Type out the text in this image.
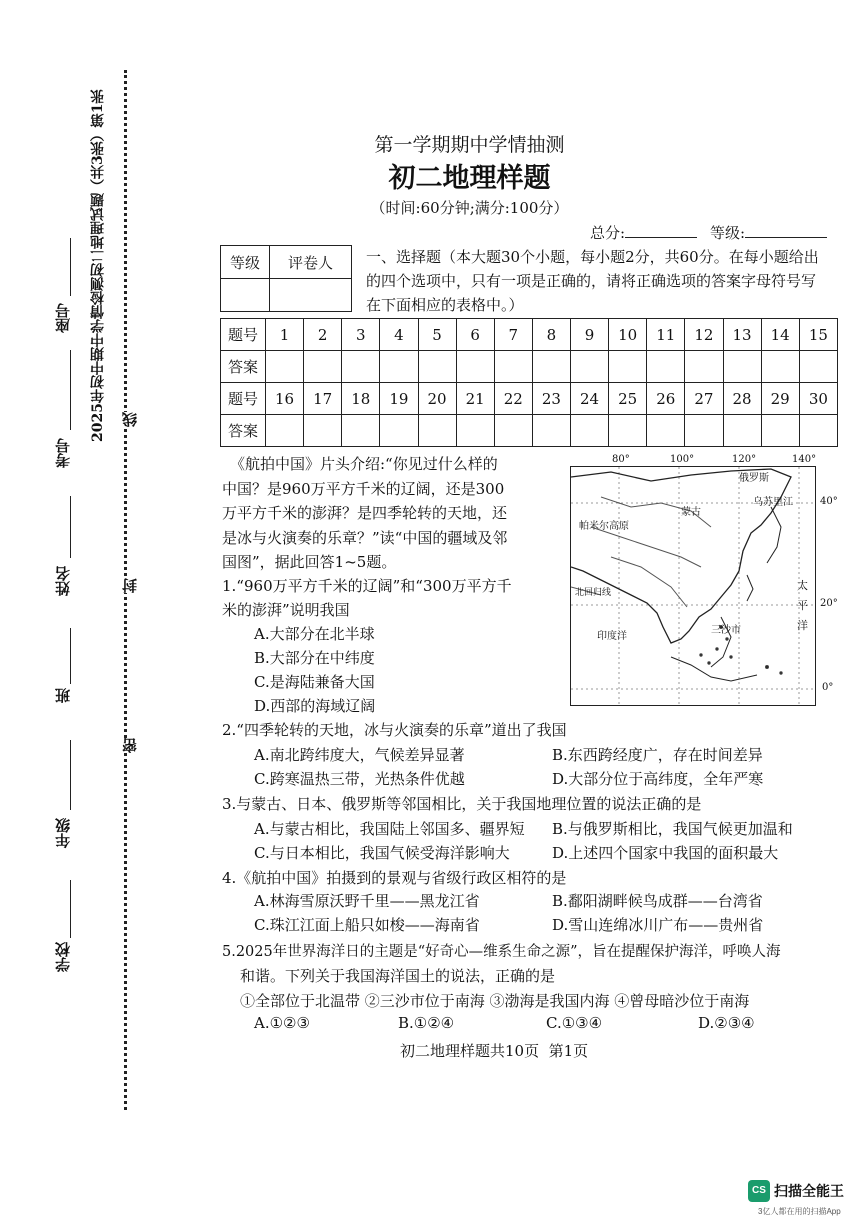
密
封
线
2025年初中期中学情检测初二地理试题（共3张）第1张
学校
年级
班
姓名
考号
座号
第一学期期中学情抽测
初二地理样题
（时间:60分钟;满分:100分）
总分:	等级:
等级	评卷人
	一、选择题（本大题30个小题，每小题2分，共60分。在每小题给出
的四个选项中，只有一项是正确的，请将正确选项的答案字母符号写
在下面相应的表格中。）
题号	1	2	3	4	5	6	7	8	9	10	11	12	13	14	15
答案															
题号	16	17	18	19	20	21	22	23	24	25	26	27	28	29	30
答案															
《航拍中国》片头介绍:“你见过什么样的
中国？是960万平方千米的辽阔，还是300
万平方千米的澎湃？是四季轮转的天地，还
是冰与火演奏的乐章？”读“中国的疆域及邻
国图”，据此回答1~5题。
俄罗斯
乌苏里江
蒙古
帕米尔高原
北回归线
印度洋
三沙市
太
平
洋
80°	100°	120°	140°
40°
20°
0°
1.“960万平方千米的辽阔”和“300万平方千
米的澎湃”说明我国
A.大部分在北半球
B.大部分在中纬度
C.是海陆兼备大国
D.西部的海域辽阔
2.“四季轮转的天地，冰与火演奏的乐章”道出了我国
A.南北跨纬度大，气候差异显著	B.东西跨经度广，存在时间差异
C.跨寒温热三带，光热条件优越	D.大部分位于高纬度，全年严寒
3.与蒙古、日本、俄罗斯等邻国相比，关于我国地理位置的说法正确的是
A.与蒙古相比，我国陆上邻国多、疆界短 B.与俄罗斯相比，我国气候更加温和
C.与日本相比，我国气候受海洋影响大	D.上述四个国家中我国的面积最大
4.《航拍中国》拍摄到的景观与省级行政区相符的是
A.林海雪原沃野千里——黑龙江省	B.鄱阳湖畔候鸟成群——台湾省
C.珠江江面上船只如梭——海南省	D.雪山连绵冰川广布——贵州省
5.2025年世界海洋日的主题是“好奇心—维系生命之源”，旨在提醒保护海洋，呼唤人海
和谐。下列关于我国海洋国土的说法，正确的是
①全部位于北温带 ②三沙市位于南海 ③渤海是我国内海 ④曾母暗沙位于南海
A.①②③	B.①②④	C.①③④	D.②③④
初二地理样题共10页  第1页
CS 扫描全能王
3亿人都在用的扫描App
